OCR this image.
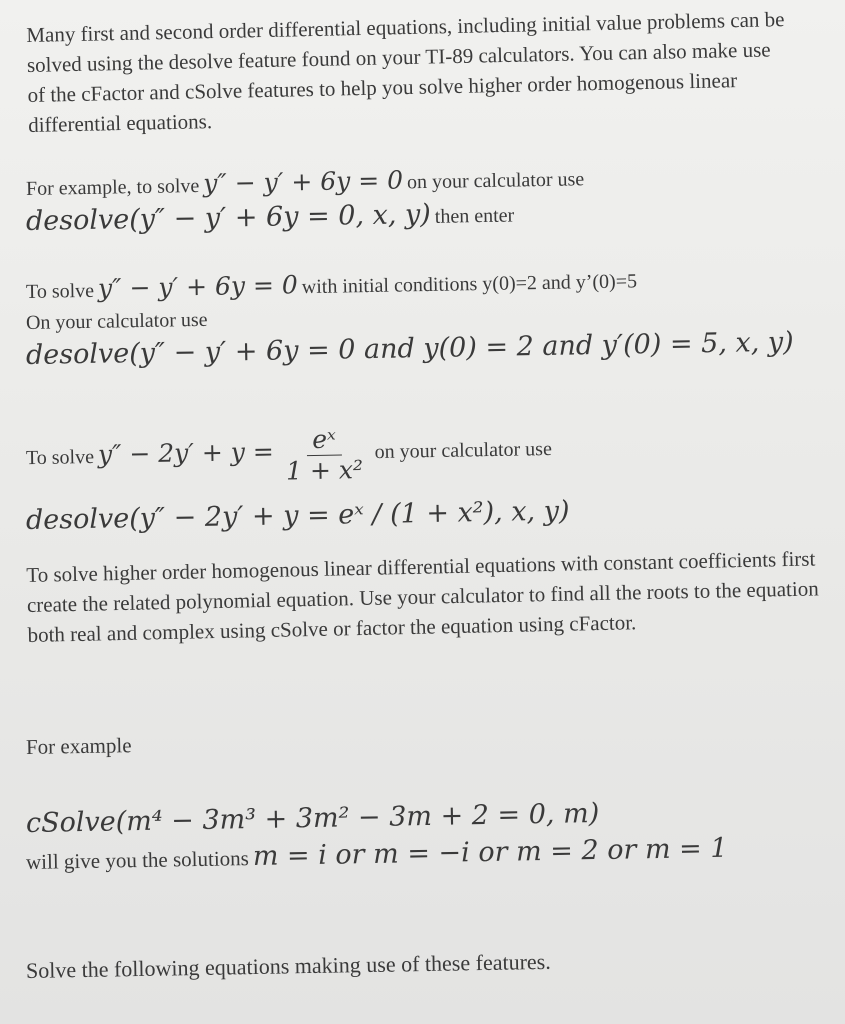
Many first and second order differential equations, including initial value problems can be solved using the desolve feature found on your TI-89 calculators. You can also make use of the cFactor and cSolve features to help you solve higher order homogenous linear differential equations.

For example, to solve y″ − y′ + 6y = 0 on your calculator use
desolve(y″ − y′ + 6y = 0, x, y) then enter
To solve y″ − y′ + 6y = 0 with initial conditions y(0)=2 and y’(0)=5
On your calculator use
desolve(y″ − y′ + 6y = 0 and y(0) = 2 and y′(0) = 5, x, y)
To solve $y'' - 2y' + y = \frac{\text{eˣ}}{\text{1 + x²}}$ on your calculator use
desolve(y″ − 2y′ + y = eˣ / (1 + x²), x, y)

To solve higher order homogenous linear differential equations with constant coefficients first create the related polynomial equation. Use your calculator to find all the roots to the equation both real and complex using cSolve or factor the equation using cFactor.

For example
cSolve(m⁴ − 3m³ + 3m² − 3m + 2 = 0, m)
will give you the solutions m = i or m = −i or m = 2 or m = 1
Solve the following equations making use of these features.
